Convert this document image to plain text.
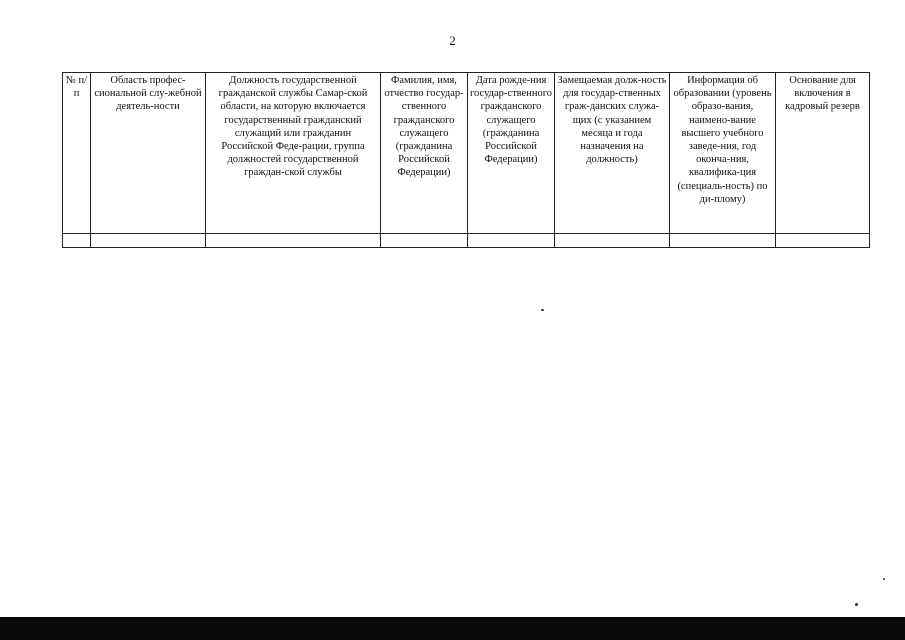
2
№ п/п	Область профес-сиональной слу-жебной деятель-ности	Должность государственной гражданской службы Самар-ской области, на которую включается государственный гражданский служащий или гражданин Российской Феде-рации, группа должностей государственной граждан-ской службы	Фамилия, имя, отчество государ-ственного гражданского служащего (гражданина Российской Федерации)	Дата рожде-ния государ-ственного гражданского служащего (гражданина Российской Федерации)	Замещаемая долж-ность для государ-ственных граж-данских служа-щих (с указанием месяца и года назначения на должность)	Информация об образовании (уровень образо-вания, наимено-вание высшего учебного заведе-ния, год оконча-ния, квалифика-ция (специаль-ность) по ди-плому)	Основание для включения в кадровый резерв
